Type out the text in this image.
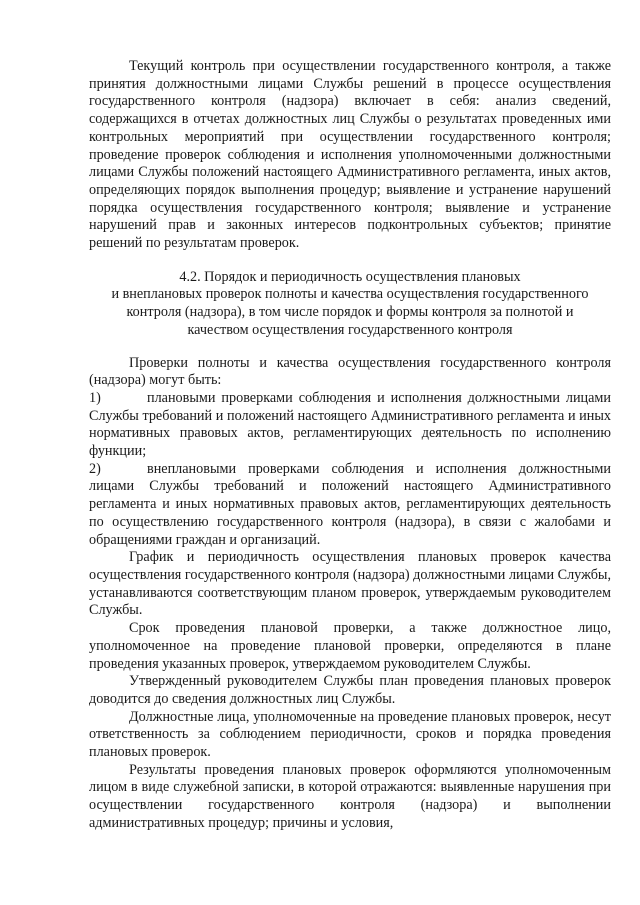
Текущий контроль при осуществлении государственного контроля, а также принятия должностными лицами Службы решений в процессе осуществления государственного контроля (надзора) включает в себя: анализ сведений, содержащихся в отчетах должностных лиц Службы о результатах проведенных ими контрольных мероприятий при осуществлении государственного контроля; проведение проверок соблюдения и исполнения уполномоченными должностными лицами Службы положений настоящего Административного регламента, иных актов, определяющих порядок выполнения процедур; выявление и устранение нарушений порядка осуществления государственного контроля; выявление и устранение нарушений прав и законных интересов подконтрольных субъектов; принятие решений по результатам проверок.

4.2. Порядок и периодичность осуществления плановых
и внеплановых проверок полноты и качества осуществления государственного
контроля (надзора), в том числе порядок и формы контроля за полнотой и
качеством осуществления государственного контроля

Проверки полноты и качества осуществления государственного контроля (надзора) могут быть:

1)	плановыми проверками соблюдения и исполнения должностными лицами Службы требований и положений настоящего Административного регламента и иных нормативных правовых актов, регламентирующих деятельность по исполнению функции;

2)	внеплановыми проверками соблюдения и исполнения должностными лицами Службы требований и положений настоящего Административного регламента и иных нормативных правовых актов, регламентирующих деятельность по осуществлению государственного контроля (надзора), в связи с жалобами и обращениями граждан и организаций.

График и периодичность осуществления плановых проверок качества осуществления государственного контроля (надзора) должностными лицами Службы, устанавливаются соответствующим планом проверок, утверждаемым руководителем Службы.

Срок проведения плановой проверки, а также должностное лицо, уполномоченное на проведение плановой проверки, определяются в плане проведения указанных проверок, утверждаемом руководителем Службы.

Утвержденный руководителем Службы план проведения плановых проверок доводится до сведения должностных лиц Службы.

Должностные лица, уполномоченные на проведение плановых проверок, несут ответственность за соблюдением периодичности, сроков и порядка проведения плановых проверок.

Результаты проведения плановых проверок оформляются уполномоченным лицом в виде служебной записки, в которой отражаются: выявленные нарушения при осуществлении государственного контроля (надзора) и выполнении административных процедур; причины и условия,
